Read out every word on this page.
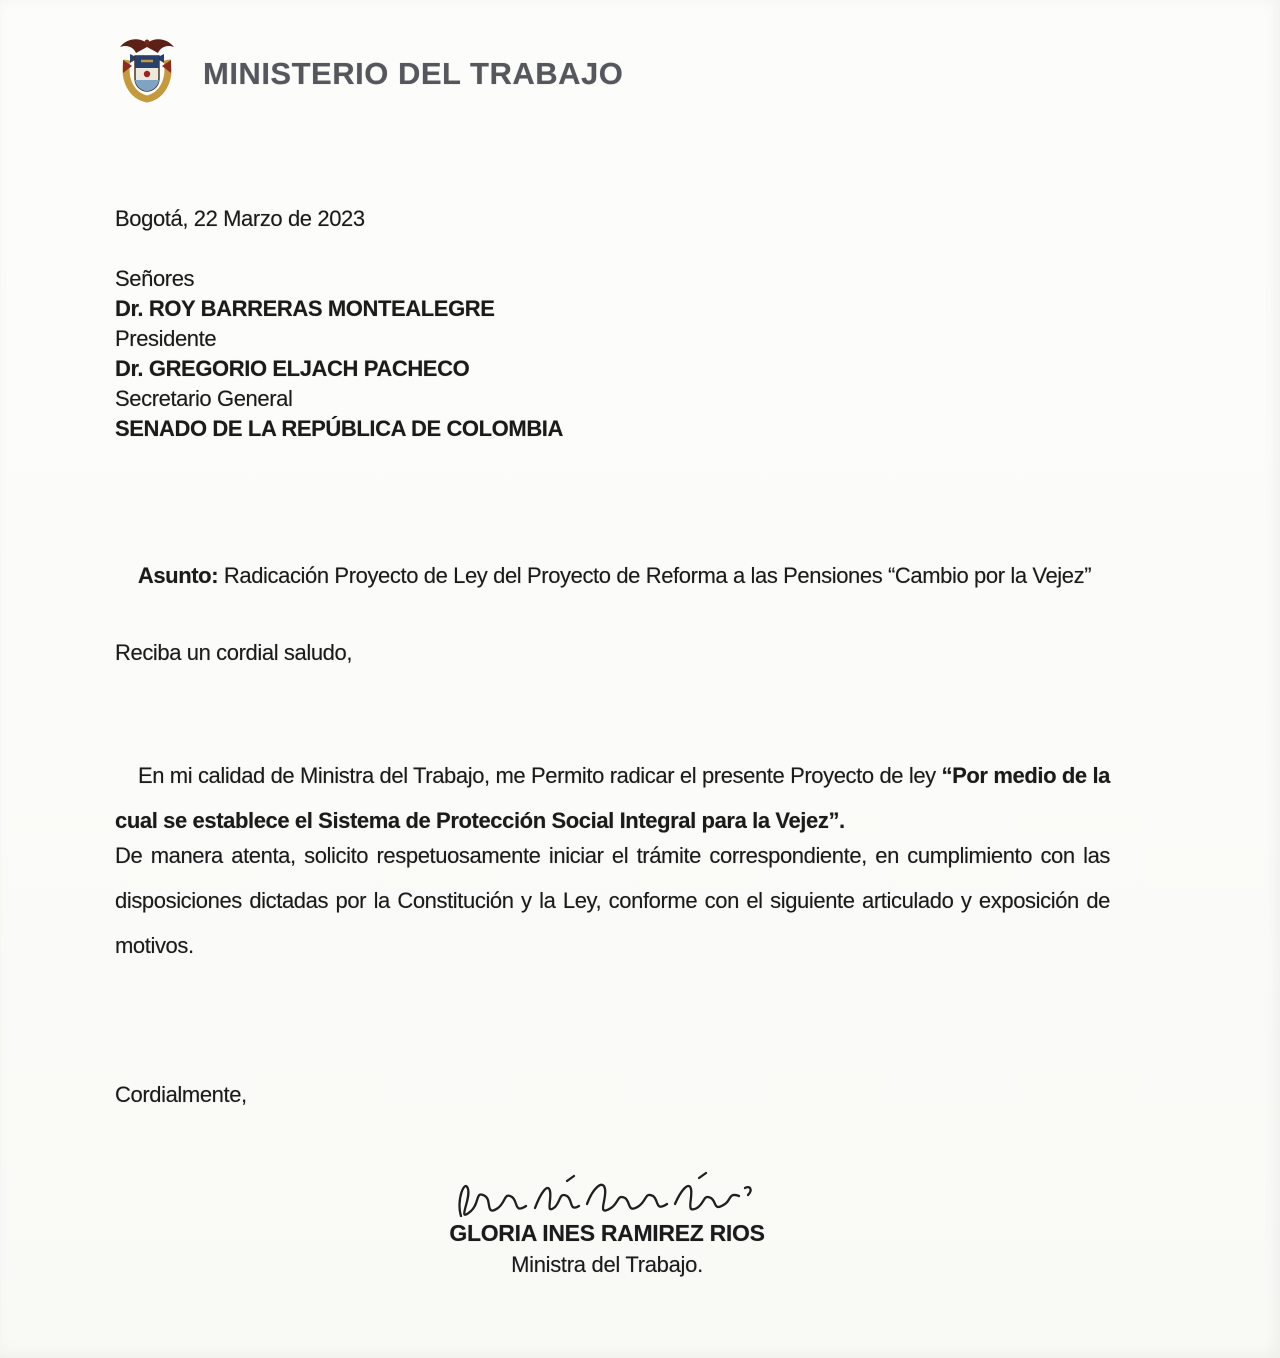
MINISTERIO DEL TRABAJO
Bogotá, 22 Marzo de 2023
Señores
Dr. ROY BARRERAS MONTEALEGRE
Presidente
Dr. GREGORIO ELJACH PACHECO
Secretario General
SENADO DE LA REPÚBLICA DE COLOMBIA

Asunto: Radicación Proyecto de Ley del Proyecto de Reforma a las Pensiones “Cambio por la Vejez”

Reciba un cordial saludo,

En mi calidad de Ministra del Trabajo, me Permito radicar el presente Proyecto de ley “Por medio de la cual se establece el Sistema de Protección Social Integral para la Vejez”.

De manera atenta, solicito respetuosamente iniciar el trámite correspondiente, en cumplimiento con las disposiciones dictadas por la Constitución y la Ley, conforme con el siguiente articulado y exposición de motivos.
Cordialmente,
GLORIA INES RAMIREZ RIOS
Ministra del Trabajo.
